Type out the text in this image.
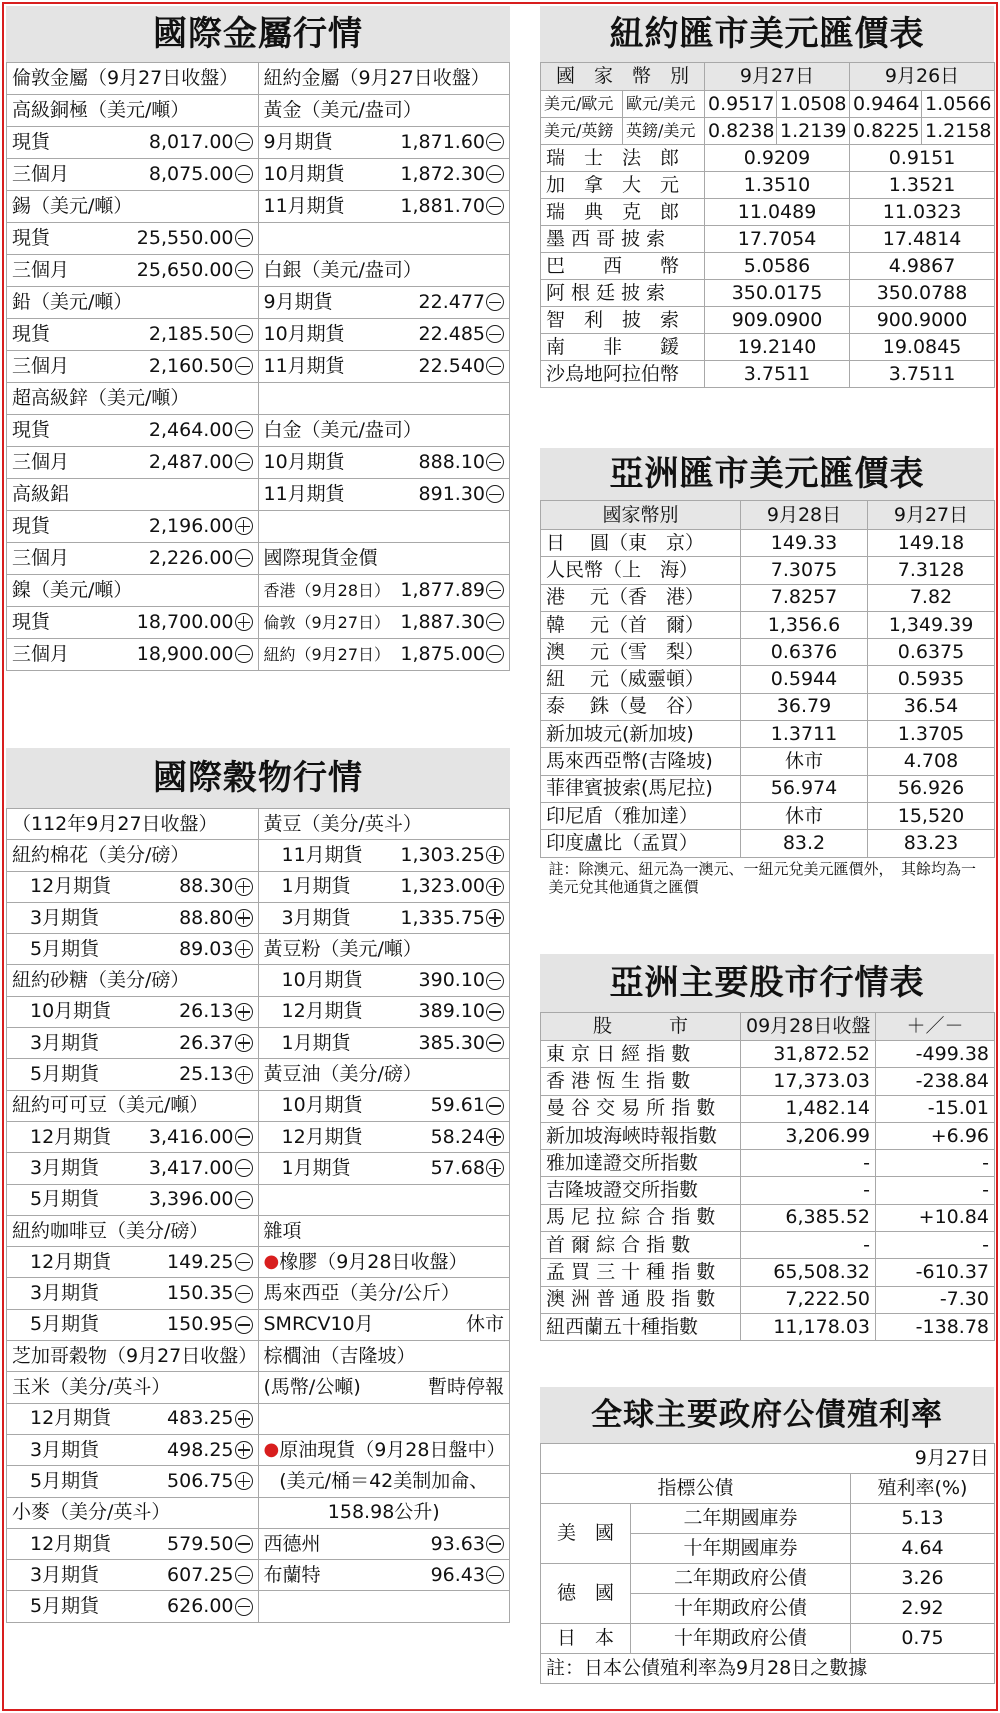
國際金屬行情
倫敦金屬（9月27日收盤）	紐約金屬（9月27日收盤）

高級銅極（美元/噸）	黃金（美元/盎司）

現貨 8,017.00	9月期貨 1,871.60

三個月 8,075.00	10月期貨 1,872.30

錫（美元/噸）	11月期貨 1,881.70

現貨 25,550.00	

三個月 25,650.00	白銀（美元/盎司）

鉛（美元/噸）	9月期貨 22.477

現貨 2,185.50	10月期貨 22.485

三個月 2,160.50	11月期貨 22.540

超高級鋅（美元/噸）	

現貨 2,464.00	白金（美元/盎司）

三個月 2,487.00	10月期貨 888.10

高級鋁	11月期貨 891.30

現貨 2,196.00	

三個月 2,226.00	國際現貨金價

鎳（美元/噸）	香港（9月28日） 1,877.89

現貨 18,700.00	倫敦（9月27日） 1,887.30

三個月 18,900.00	紐約（9月27日） 1,875.00
國際穀物行情
（112年9月27日收盤）	黃豆（美分/英斗）

紐約棉花（美分/磅）	11月期貨 1,303.25

12月期貨 88.30	1月期貨 1,323.00

3月期貨 88.80	3月期貨 1,335.75

5月期貨 89.03	黃豆粉（美元/噸）

紐約砂糖（美分/磅）	10月期貨 390.10

10月期貨 26.13	12月期貨 389.10

3月期貨 26.37	1月期貨 385.30

5月期貨 25.13	黃豆油（美分/磅）

紐約可可豆（美元/噸）	10月期貨 59.61

12月期貨 3,416.00	12月期貨 58.24

3月期貨 3,417.00	1月期貨 57.68

5月期貨 3,396.00	

紐約咖啡豆（美分/磅）	雜項

12月期貨 149.25	● 橡膠（9月28日收盤）

3月期貨 150.35	馬來西亞（美分/公斤）

5月期貨 150.95	SMRCV10月 休市

芝加哥穀物（9月27日收盤）	棕櫚油（吉隆坡）

玉米（美分/英斗）	(馬幣/公噸) 暫時停報

12月期貨 483.25	

3月期貨 498.25	● 原油現貨（9月28日盤中）

5月期貨 506.75	(美元/桶＝42美制加侖、

小麥（美分/英斗）	158.98公升)

12月期貨 579.50	西德州 93.63

3月期貨 607.25	布蘭特 96.43

5月期貨 626.00	

紐約匯市美元匯價表
國　家　幣　別		9月27日		9月26日	
美元/歐元	歐元/美元	0.9517	1.0508	0.9464	1.0566
美元/英鎊	英鎊/美元	0.8238	1.2139	0.8225	1.2158
瑞　士　法　郎		0.9209		0.9151	
加　拿　大　元		1.3510		1.3521	
瑞　典　克　郎		11.0489		11.0323	
墨 西 哥 披 索		17.7054		17.4814	
巴　　西　　幣		5.0586		4.9867	
阿 根 廷 披 索		350.0175		350.0788	
智　利　披　索		909.0900		900.9000	
南　　非　　鍰		19.2140		19.0845	
沙烏地阿拉伯幣		3.7511		3.7511	
亞洲匯市美元匯價表
國家幣別	9月28日	9月27日
日　 圓（東　京）	149.33	149.18
人民幣（上　海）	7.3075	7.3128
港　 元（香　港）	7.8257	7.82
韓　 元（首　爾）	1,356.6	1,349.39
澳　 元（雪　梨）	0.6376	0.6375
紐　 元（威靈頓）	0.5944	0.5935
泰　 銖（曼　谷）	36.79	36.54
新加坡元(新加坡)	1.3711	1.3705
馬來西亞幣(吉隆坡)	休市	4.708
菲律賓披索(馬尼拉)	56.974	56.926
印尼盾（雅加達）	休市	15,520
印度盧比（孟買）	83.2	83.23
註：除澳元、紐元為一澳元、一紐元兌美元匯價外，　其餘均為一美元兌其他通貨之匯價		
亞洲主要股市行情表
股　　　市	09月28日收盤	＋／－
東 京 日 經 指 數	31,872.52	-499.38
香 港 恆 生 指 數	17,373.03	-238.84
曼 谷 交 易 所 指 數	1,482.14	-15.01
新加坡海峽時報指數	3,206.99	+6.96
雅加達證交所指數	-	-
吉隆坡證交所指數	-	-
馬 尼 拉 綜 合 指 數	6,385.52	+10.84
首 爾 綜 合 指 數	-	-
孟 買 三 十 種 指 數	65,508.32	-610.37
澳 洲 普 通 股 指 數	7,222.50	-7.30
紐西蘭五十種指數	11,178.03	-138.78
全球主要政府公債殖利率
9月27日		
指標公債		殖利率(%)
美　國	二年期國庫券	5.13
	十年期國庫券	4.64
德　國	二年期政府公債	3.26
	十年期政府公債	2.92
日　本	十年期政府公債	0.75
註：日本公債殖利率為9月28日之數據		
